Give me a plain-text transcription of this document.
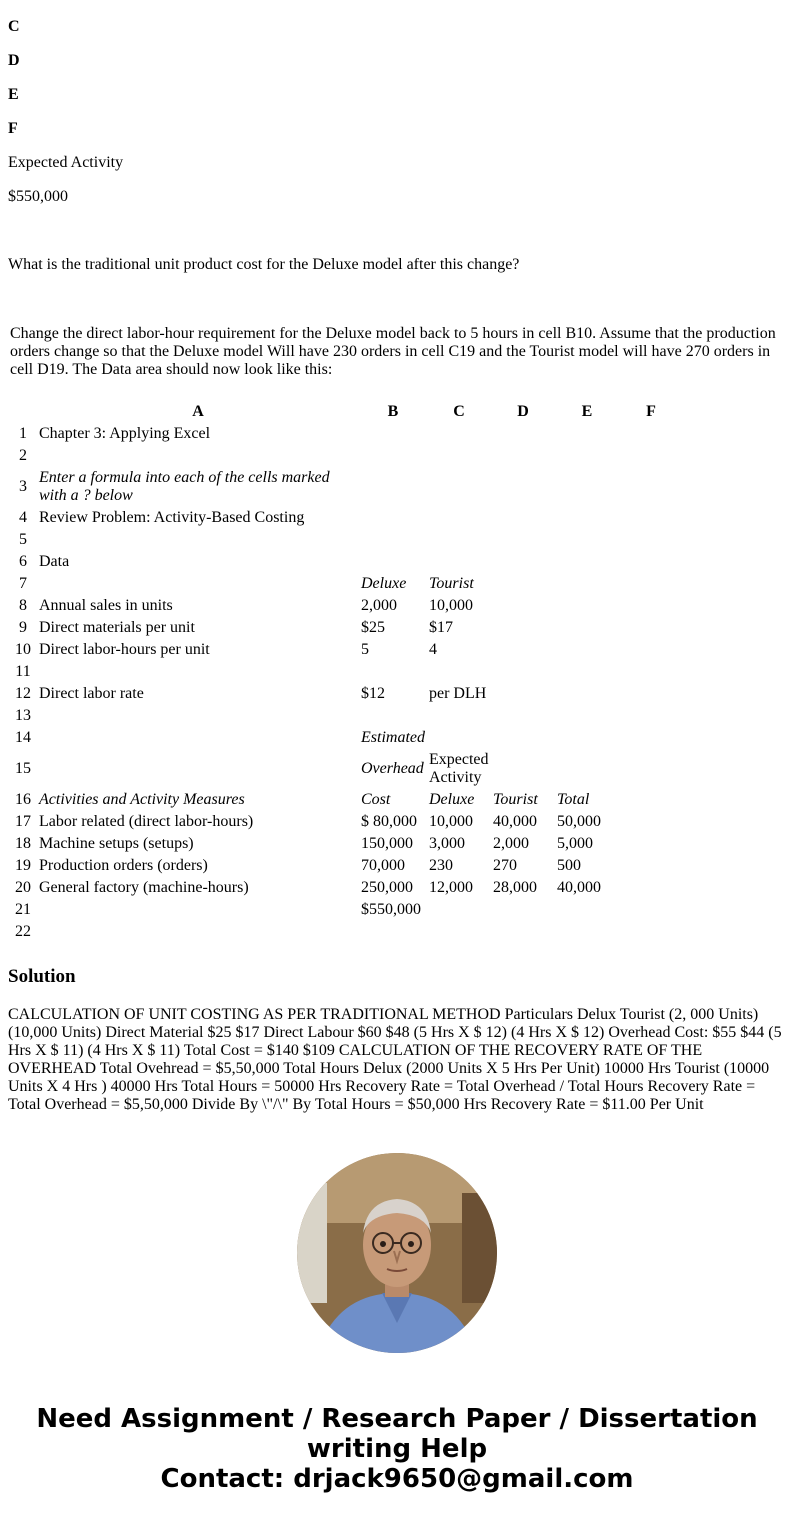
C

D

E

F

Expected Activity

$550,000

What is the traditional unit product cost for the Deluxe model after this change?

Change the direct labor-hour requirement for the Deluxe model back to 5 hours in cell B10. Assume that the production orders change so that the Deluxe model Will have 230 orders in cell C19 and the Tourist model will have 270 orders in cell D19. The Data area should now look like this:

	A	B	C	D	E	F
1	Chapter 3: Applying Excel					
2						
3	Enter a formula into each of the cells marked with a ? below					
4	Review Problem: Activity-Based Costing					
5						
6	Data					
7		Deluxe	Tourist			
8	Annual sales in units	2,000	10,000			
9	Direct materials per unit	$25	$17			
10	Direct labor-hours per unit	5	4			
11						
12	Direct labor rate	$12	per DLH			
13						
14		Estimated				
15		Overhead	Expected Activity			
16	Activities and Activity Measures	Cost	Deluxe	Tourist	Total	
17	Labor related (direct labor-hours)	$ 80,000	10,000	40,000	50,000	
18	Machine setups (setups)	150,000	3,000	2,000	5,000	
19	Production orders (orders)	70,000	230	270	500	
20	General factory (machine-hours)	250,000	12,000	28,000	40,000	
21		$550,000				
22						
Solution

CALCULATION OF UNIT COSTING AS PER TRADITIONAL METHOD Particulars Delux Tourist (2, 000 Units) (10,000 Units) Direct Material $25 $17 Direct Labour $60 $48 (5 Hrs X $ 12) (4 Hrs X $ 12) Overhead Cost: $55 $44 (5 Hrs X $ 11) (4 Hrs X $ 11) Total Cost = $140 $109 CALCULATION OF THE RECOVERY RATE OF THE OVERHEAD Total Ovehread = $5,50,000 Total Hours Delux (2000 Units X 5 Hrs Per Unit) 10000 Hrs Tourist (10000 Units X 4 Hrs ) 40000 Hrs Total Hours = 50000 Hrs Recovery Rate = Total Overhead / Total Hours Recovery Rate = Total Overhead = $5,50,000 Divide By \"/\" By Total Hours = $50,000 Hrs Recovery Rate = $11.00 Per Unit

Need Assignment / Research Paper / Dissertation
writing Help
Contact: drjack9650@gmail.com
